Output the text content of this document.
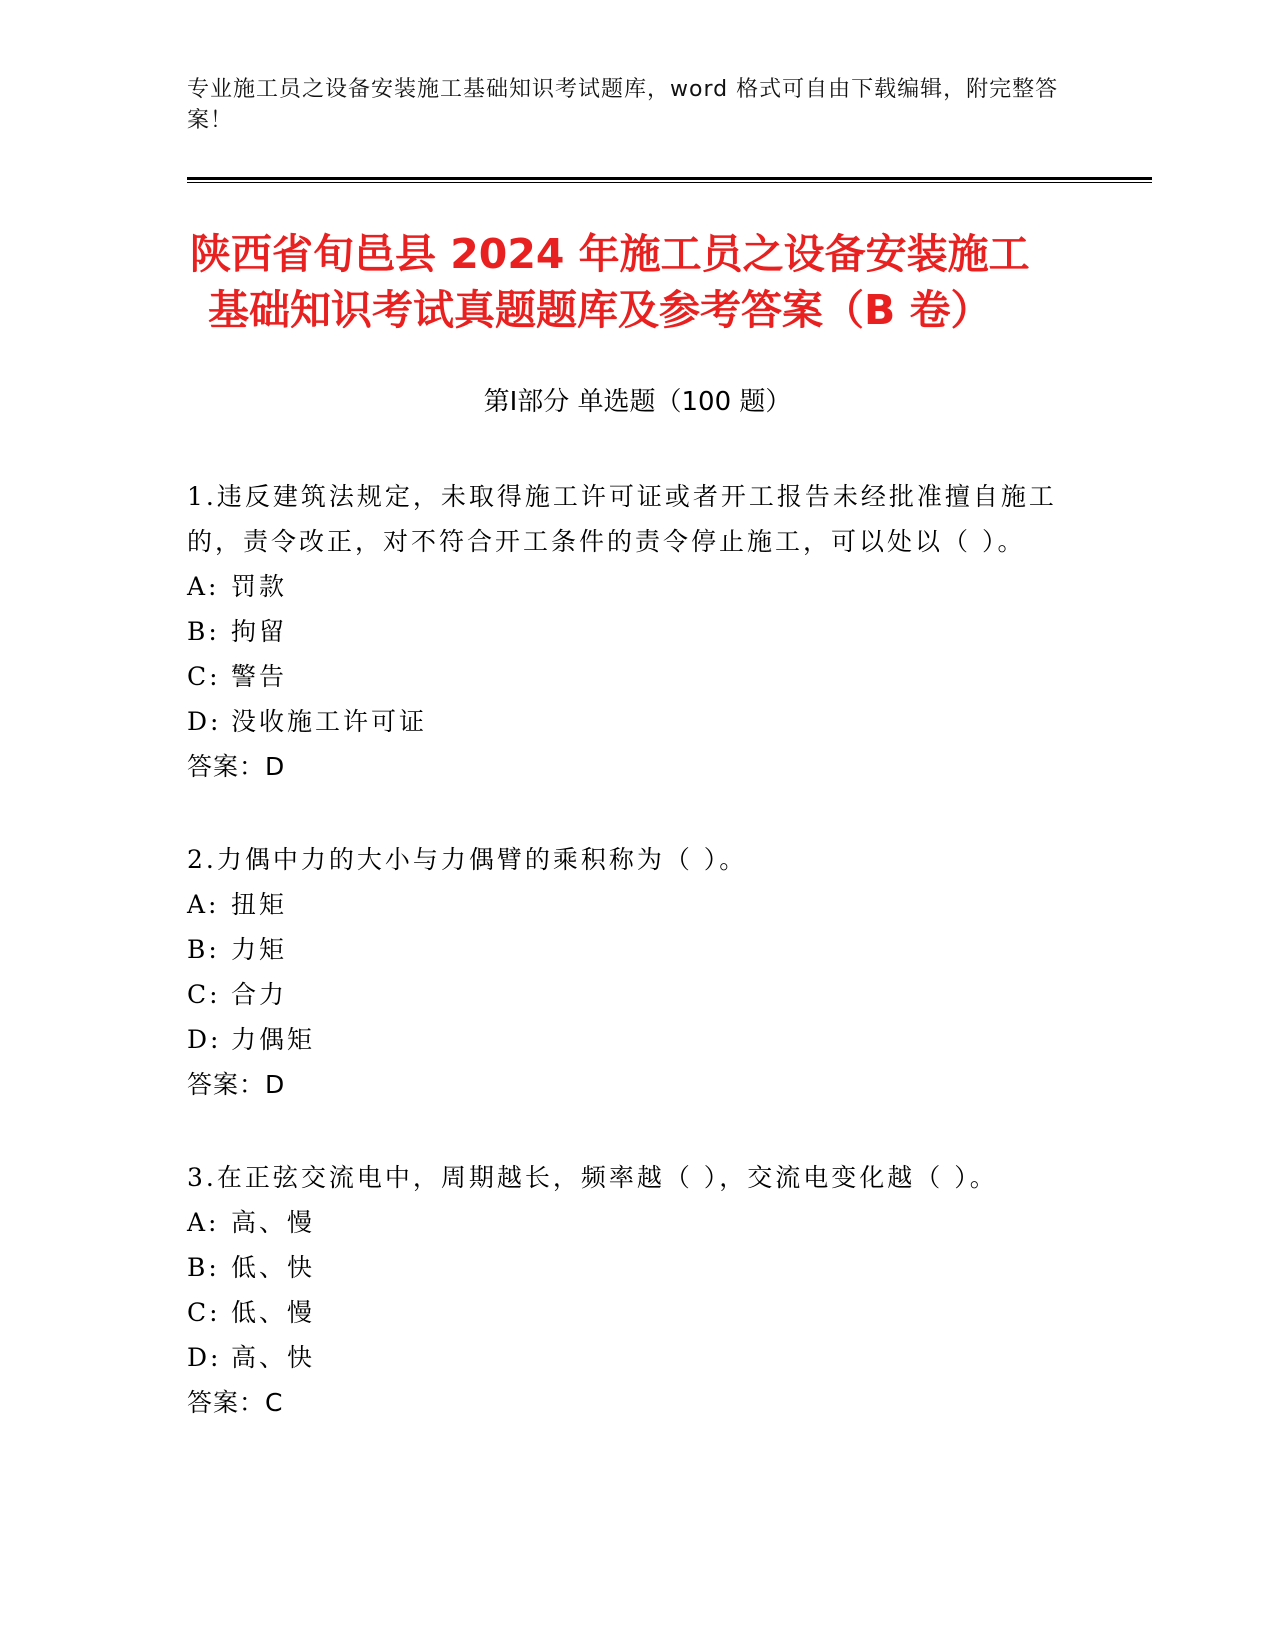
专业施工员之设备安装施工基础知识考试题库，word 格式可自由下载编辑，附完整答案！
陕西省旬邑县 2024 年施工员之设备安装施工
基础知识考试真题题库及参考答案（B 卷）
第Ⅰ部分 单选题（100 题）
1.违反建筑法规定，未取得施工许可证或者开工报告未经批准擅自施工的，责令改正，对不符合开工条件的责令停止施工，可以处以（ ）。
A: 罚款
B: 拘留
C: 警告
D: 没收施工许可证
答案：D
2.力偶中力的大小与力偶臂的乘积称为（ ）。
A: 扭矩
B: 力矩
C: 合力
D: 力偶矩
答案：D
3.在正弦交流电中，周期越长，频率越（ ），交流电变化越（ ）。
A: 高、慢
B: 低、快
C: 低、慢
D: 高、快
答案：C
